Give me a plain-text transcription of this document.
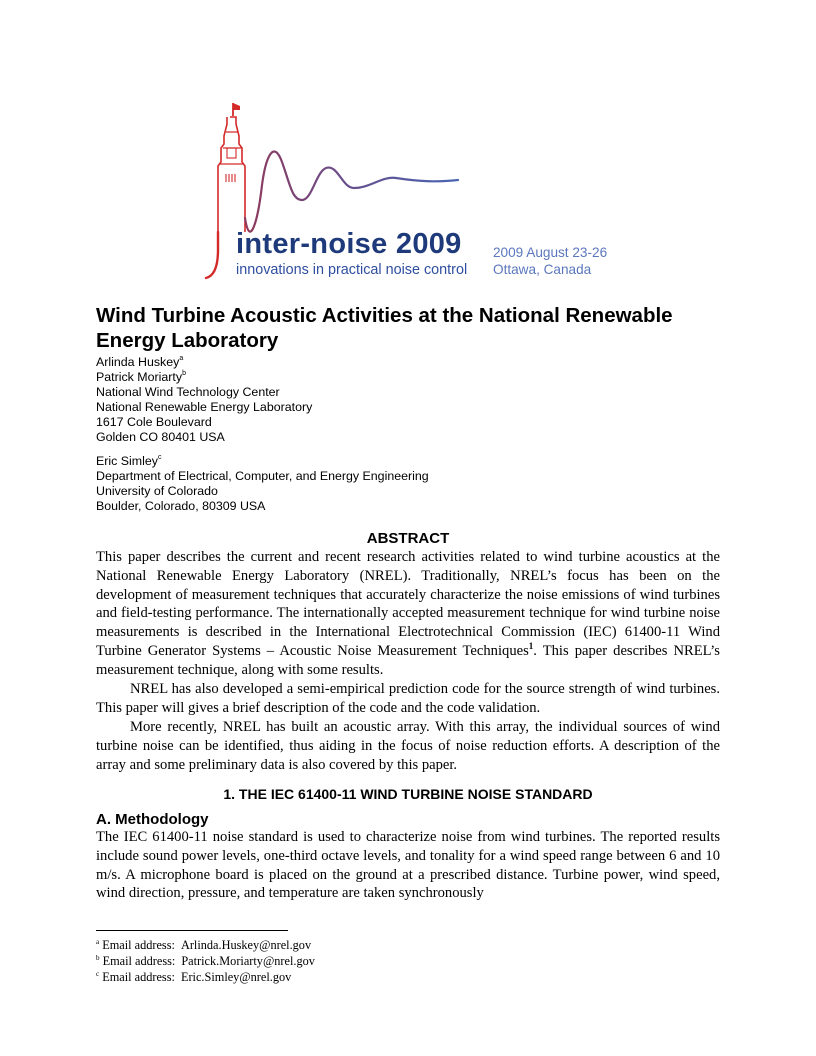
inter-noise 2009
innovations in practical noise control
2009 August 23-26
Ottawa, Canada
Wind Turbine Acoustic Activities at the National Renewable Energy Laboratory
Arlinda Huskey$^a$
Patrick Moriarty$^b$
National Wind Technology Center
National Renewable Energy Laboratory
1617 Cole Boulevard
Golden CO 80401 USA
Eric Simley$^c$
Department of Electrical, Computer, and Energy Engineering
University of Colorado
Boulder, Colorado, 80309 USA
ABSTRACT

This paper describes the current and recent research activities related to wind turbine acoustics at the National Renewable Energy Laboratory (NREL). Traditionally, NREL’s focus has been on the development of measurement techniques that accurately characterize the noise emissions of wind turbines and field-testing performance. The internationally accepted measurement technique for wind turbine noise measurements is described in the International Electrotechnical Commission (IEC) 61400-11 Wind Turbine Generator Systems – Acoustic Noise Measurement Techniques$^1$. This paper describes NREL’s measurement technique, along with some results.

NREL has also developed a semi-empirical prediction code for the source strength of wind turbines. This paper will gives a brief description of the code and the code validation.

More recently, NREL has built an acoustic array. With this array, the individual sources of wind turbine noise can be identified, thus aiding in the focus of noise reduction efforts. A description of the array and some preliminary data is also covered by this paper.

1. THE IEC 61400-11 WIND TURBINE NOISE STANDARD
A. Methodology

The IEC 61400-11 noise standard is used to characterize noise from wind turbines. The reported results include sound power levels, one-third octave levels, and tonality for a wind speed range between 6 and 10 m/s. A microphone board is placed on the ground at a prescribed distance. Turbine power, wind speed, wind direction, pressure, and temperature are taken synchronously

$^a$ Email address: Arlinda.Huskey@nrel.gov
$^b$ Email address: Patrick.Moriarty@nrel.gov
$^c$ Email address: Eric.Simley@nrel.gov
